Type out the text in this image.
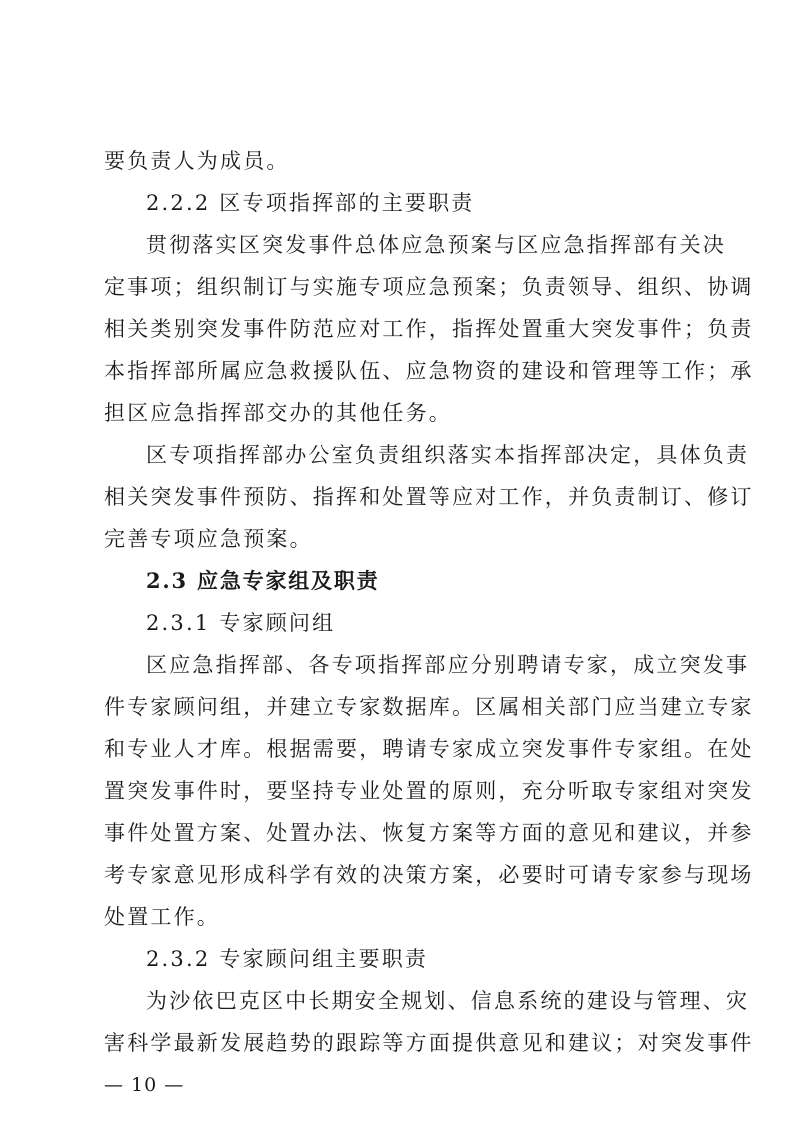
要负责人为成员。
2.2.2 区专项指挥部的主要职责
贯彻落实区突发事件总体应急预案与区应急指挥部有关决
定事项；组织制订与实施专项应急预案；负责领导、组织、协调
相关类别突发事件防范应对工作，指挥处置重大突发事件；负责
本指挥部所属应急救援队伍、应急物资的建设和管理等工作；承
担区应急指挥部交办的其他任务。
区专项指挥部办公室负责组织落实本指挥部决定，具体负责
相关突发事件预防、指挥和处置等应对工作，并负责制订、修订
完善专项应急预案。
2.3 应急专家组及职责
2.3.1 专家顾问组
区应急指挥部、各专项指挥部应分别聘请专家，成立突发事
件专家顾问组，并建立专家数据库。区属相关部门应当建立专家
和专业人才库。根据需要，聘请专家成立突发事件专家组。在处
置突发事件时，要坚持专业处置的原则，充分听取专家组对突发
事件处置方案、处置办法、恢复方案等方面的意见和建议，并参
考专家意见形成科学有效的决策方案，必要时可请专家参与现场
处置工作。
2.3.2 专家顾问组主要职责
为沙依巴克区中长期安全规划、信息系统的建设与管理、灾
害科学最新发展趋势的跟踪等方面提供意见和建议；对突发事件
— 10 —
